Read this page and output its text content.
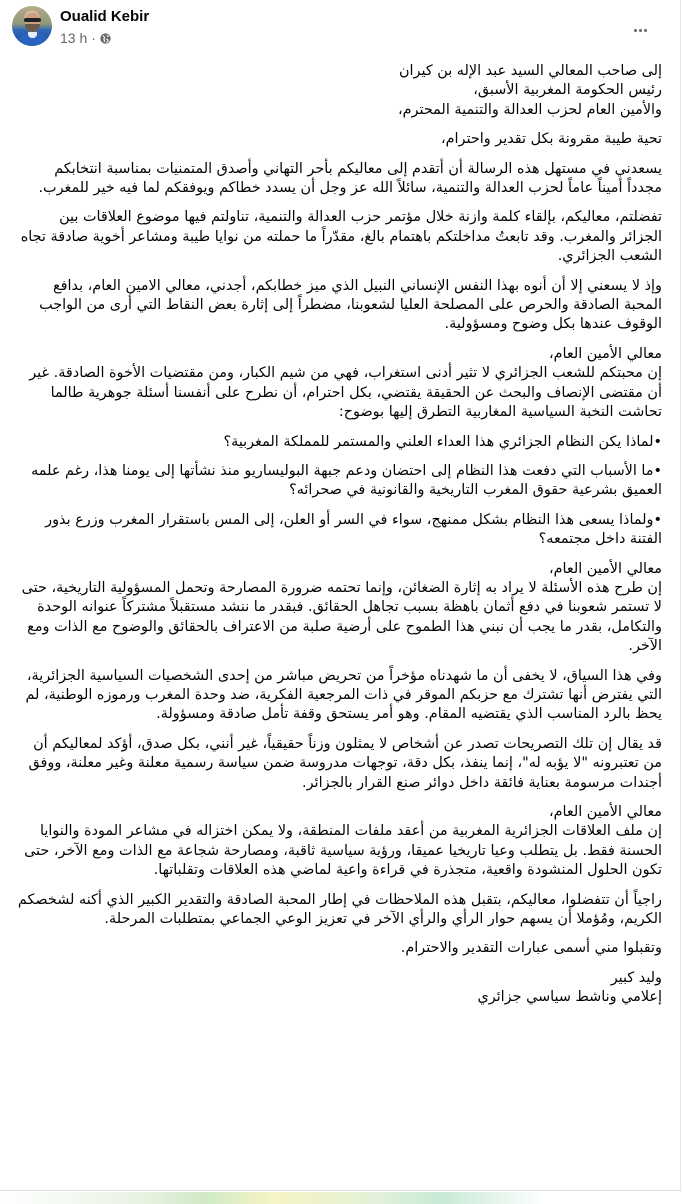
Oualid Kebir
13 h ·

إلى صاحب المعالي السيد عبد الإله بن كيران
رئيس الحكومة المغربية الأسبق،
والأمين العام لحزب العدالة والتنمية المحترم،

تحية طيبة مقرونة بكل تقدير واحترام،

يسعدني في مستهل هذه الرسالة أن أتقدم إلى معاليكم بأحر التهاني وأصدق المتمنيات بمناسبة انتخابكم مجدداً أميناً عاماً لحزب العدالة والتنمية، سائلاً الله عز وجل أن يسدد خطاكم ويوفقكم لما فيه خير للمغرب.

تفضلتم، معاليكم، بإلقاء كلمة وازنة خلال مؤتمر حزب العدالة والتنمية، تناولتم فيها موضوع العلاقات بين الجزائر والمغرب. وقد تابعتُ مداخلتكم باهتمام بالغ، مقدّراً ما حملته من نوايا طيبة ومشاعر أخوية صادقة تجاه الشعب الجزائري.

وإذ لا يسعني إلا أن أنوه بهذا النفس الإنساني النبيل الذي ميز خطابكم، أجدني، معالي الامين العام، بدافع المحبة الصادقة والحرص على المصلحة العليا لشعوبنا، مضطراً إلى إثارة بعض النقاط التي أرى من الواجب الوقوف عندها بكل وضوح ومسؤولية.

معالي الأمين العام،
إن محبتكم للشعب الجزائري لا تثير أدنى استغراب، فهي من شيم الكبار، ومن مقتضيات الأخوة الصادقة. غير أن مقتضى الإنصاف والبحث عن الحقيقة يقتضي، بكل احترام، أن نطرح على أنفسنا أسئلة جوهرية طالما تحاشت النخبة السياسية المغاربية التطرق إليها بوضوح:

•لماذا يكن النظام الجزائري هذا العداء العلني والمستمر للمملكة المغربية؟

•ما الأسباب التي دفعت هذا النظام إلى احتضان ودعم جبهة البوليساريو منذ نشأتها إلى يومنا هذا، رغم علمه العميق بشرعية حقوق المغرب التاريخية والقانونية في صحرائه؟

•ولماذا يسعى هذا النظام بشكل ممنهج، سواء في السر أو العلن، إلى المس باستقرار المغرب وزرع بذور الفتنة داخل مجتمعه؟

معالي الأمين العام،
إن طرح هذه الأسئلة لا يراد به إثارة الضغائن، وإنما تحتمه ضرورة المصارحة وتحمل المسؤولية التاريخية، حتى لا تستمر شعوبنا في دفع أثمان باهظة بسبب تجاهل الحقائق. فبقدر ما ننشد مستقبلاً مشتركاً عنوانه الوحدة والتكامل، بقدر ما يجب أن نبني هذا الطموح على أرضية صلبة من الاعتراف بالحقائق والوضوح مع الذات ومع الآخر.

وفي هذا السياق، لا يخفى أن ما شهدناه مؤخراً من تحريض مباشر من إحدى الشخصيات السياسية الجزائرية، التي يفترض أنها تشترك مع حزبكم الموقر في ذات المرجعية الفكرية، ضد وحدة المغرب ورموزه الوطنية، لم يحظ بالرد المناسب الذي يقتضيه المقام. وهو أمر يستحق وقفة تأمل صادقة ومسؤولة.

قد يقال إن تلك التصريحات تصدر عن أشخاص لا يمثلون وزناً حقيقياً، غير أنني، بكل صدق، أؤكد لمعاليكم أن من تعتبرونه "لا يؤبه له"، إنما ينفذ، بكل دقة، توجهات مدروسة ضمن سياسة رسمية معلنة وغير معلنة، ووفق أجندات مرسومة بعناية فائقة داخل دوائر صنع القرار بالجزائر.

معالي الأمين العام،
إن ملف العلاقات الجزائرية المغربية من أعقد ملفات المنطقة، ولا يمكن اختزاله في مشاعر المودة والنوايا الحسنة فقط. بل يتطلب وعيا تاريخيا عميقا، ورؤية سياسية ثاقبة، ومصارحة شجاعة مع الذات ومع الآخر، حتى تكون الحلول المنشودة واقعية، متجذرة في قراءة واعية لماضي هذه العلاقات وتقلباتها.

راجياً أن تتفضلوا، معاليكم، بتقبل هذه الملاحظات في إطار المحبة الصادقة والتقدير الكبير الذي أكنه لشخصكم الكريم، ومُؤملا أن يسهم حوار الرأي والرأي الآخر في تعزيز الوعي الجماعي بمتطلبات المرحلة.

وتقبلوا مني أسمى عبارات التقدير والاحترام.

وليد كبير
إعلامي وناشط سياسي جزائري
